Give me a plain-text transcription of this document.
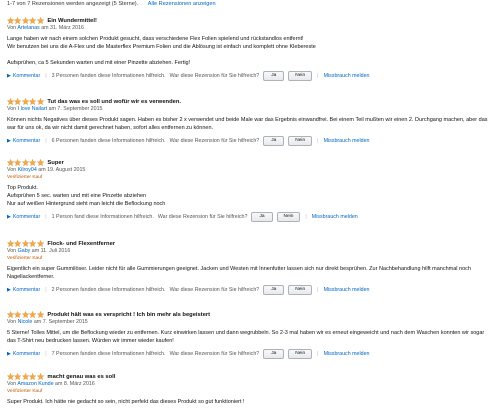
1-7 von 7 Rezensionen werden angezeigt (5 Sterne). Alle Rezensionen anzeigen
Ein Wundermittel!
Von Artelanas am 31. März 2016

Lange haben wir nach einem solchen Produkt gesucht, dass verschiedene Flex Folien spielend und rückstandlos entfernt!

Wir benutzen bei uns die A-Flex und die Masterflex Premium Folien und die Ablösung ist einfach und komplett ohne Klebereste

Aufsprühen, ca 5 Sekunden warten und mit einer Pinzette abziehen. Fertig!

▶ Kommentar | 3 Personen fanden diese Informationen hilfreich. War diese Rezension für Sie hilfreich?	Ja	Nein	| Missbrauch melden
Tut das was es soll und wofür wir es verwenden.
Von I love Nailart am 7. September 2015

Können nichts Negatives über dieses Produkt sagen. Haben es bisher 2 x verwendet und beide Male war das Ergebnis einwandfrei. Bei einem Teil mußten wir einen 2. Durchgang machen, aber das war für uns ok, da wir nicht damit gerechnet haben, sofort alles entfernen zu können.

▶ Kommentar | 6 Personen fanden diese Informationen hilfreich. War diese Rezension für Sie hilfreich?	Ja	Nein	| Missbrauch melden
Super
Von Kilroy04 am 19. August 2015
Verifizierter Kauf

Top Produkt.

Aufsprühen 5 sec. warten und mit eine Pinzette abziehen

Nur auf weißen Hintergrund sieht man leicht die Beflockung noch

▶ Kommentar | 1 Person fand diese Informationen hilfreich. War diese Rezension für Sie hilfreich?	Ja	Nein	| Missbrauch melden
Flock- und Flexentferner
Von Gaby am 11. Juli 2016
Verifizierter Kauf

Eigentlich ein super Gummilöser. Leider nicht für alle Gummierungen geeignet. Jacken und Westen mit Innenfutter lassen sich nur direkt besprühen. Zur Nachbehandlung hilft manchmal noch Nagellackentferner.

▶ Kommentar | 2 Personen fanden diese Informationen hilfreich. War diese Rezension für Sie hilfreich?	Ja	Nein	| Missbrauch melden
Produkt hält was es verspricht ! Ich bin mehr als begeistert
Von Nicole am 7. September 2015

5 Sterne! Tolles Mittel, um die Beflockung wieder zu entfernen. Kurz einwirken lassen und dann wegrubbeln. So 2-3 mal haben wir es erneut eingeweicht und nach dem Waschen konnten wir sogar das T-Shirt neu bedrucken lassen. Würden wir immer wieder kaufen!

▶ Kommentar | 7 Personen fanden diese Informationen hilfreich. War diese Rezension für Sie hilfreich?	Ja	Nein	| Missbrauch melden
macht genau was es soll
Von Amazon Kunde am 8. März 2016
Verifizierter Kauf

Super Produkt. Ich hätte nie gedacht so sein, nicht perfekt das dieses Produkt so gut funktioniert !
